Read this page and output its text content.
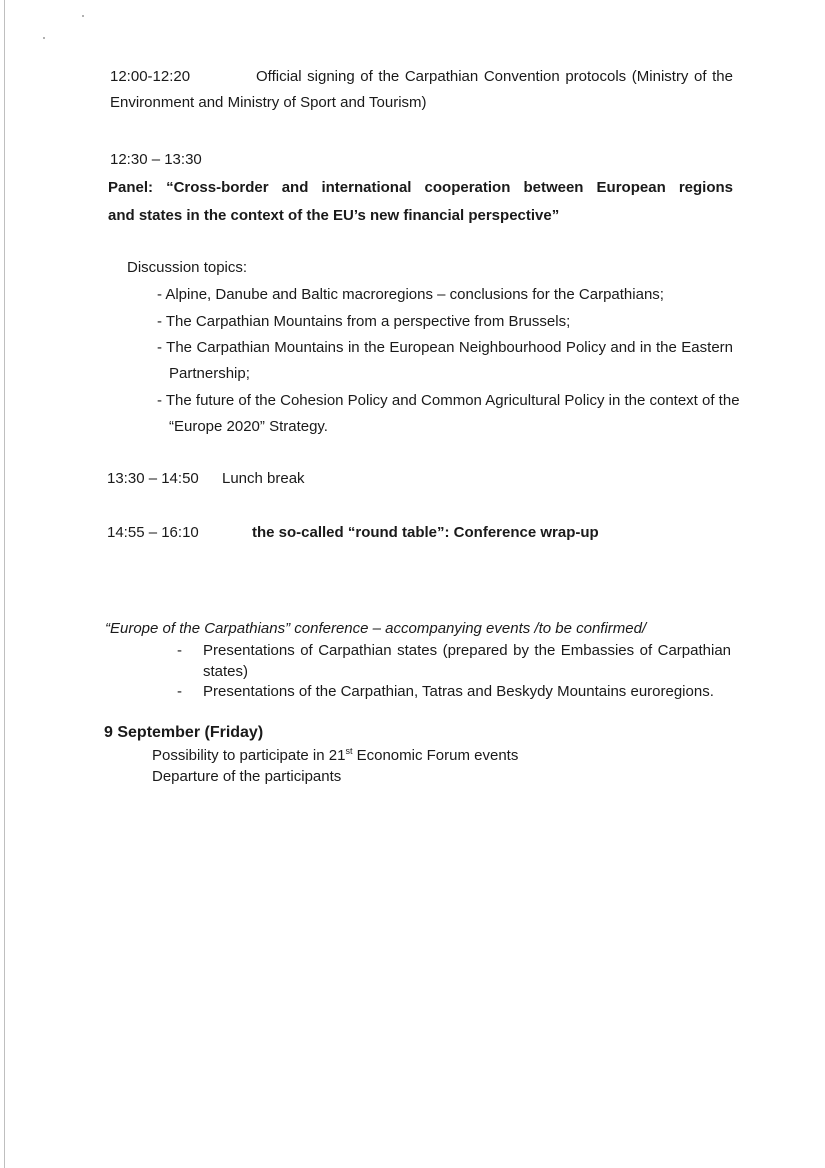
12:00-12:20	Official signing of the Carpathian Convention protocols (Ministry of the
Environment and Ministry of Sport and Tourism)
12:30 – 13:30
Panel: “Cross-border and international cooperation between European regions
and states in the context of the EU’s new financial perspective”
Discussion topics:
- Alpine, Danube and Baltic macroregions – conclusions for the Carpathians;
- The Carpathian Mountains from a perspective from Brussels;
- The Carpathian Mountains in the European Neighbourhood Policy and in the Eastern
Partnership;
- The future of the Cohesion Policy and Common Agricultural Policy in the context of the
“Europe 2020” Strategy.
13:30 – 14:50 Lunch break
14:55 – 16:10	the so-called “round table”: Conference wrap-up
“Europe of the Carpathians” conference – accompanying events /to be confirmed/
- Presentations of Carpathian states (prepared by the Embassies of Carpathian
states)
- Presentations of the Carpathian, Tatras and Beskydy Mountains euroregions.
9 September (Friday)
Possibility to participate in 21st Economic Forum events
Departure of the participants
